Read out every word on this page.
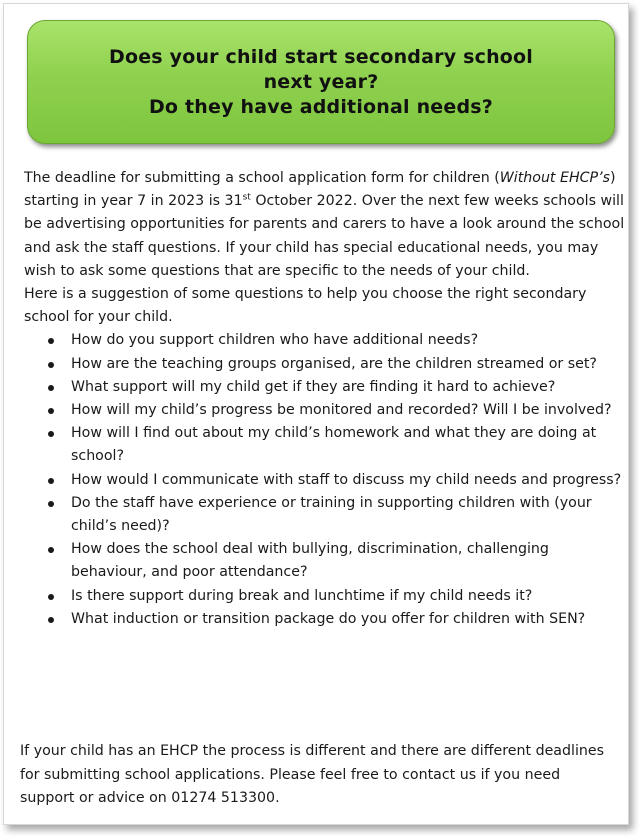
Does your child start secondary school
next year?
Do they have additional needs?

The deadline for submitting a school application form for children (Without EHCP’s) starting in year 7 in 2023 is 31st October 2022. Over the next few weeks schools will be advertising opportunities for parents and carers to have a look around the school and ask the staff questions. If your child has special educational needs, you may wish to ask some questions that are specific to the needs of your child.

Here is a suggestion of some questions to help you choose the right secondary school for your child.

How do you support children who have additional needs?
How are the teaching groups organised, are the children streamed or set?
What support will my child get if they are finding it hard to achieve?
How will my child’s progress be monitored and recorded? Will I be involved?
How will I find out about my child’s homework and what they are doing at school?
How would I communicate with staff to discuss my child needs and progress?
Do the staff have experience or training in supporting children with (your child’s need)?
How does the school deal with bullying, discrimination, challenging behaviour, and poor attendance?
Is there support during break and lunchtime if my child needs it?
What induction or transition package do you offer for children with SEN?

If your child has an EHCP the process is different and there are different deadlines for submitting school applications. Please feel free to contact us if you need support or advice on 01274 513300.
